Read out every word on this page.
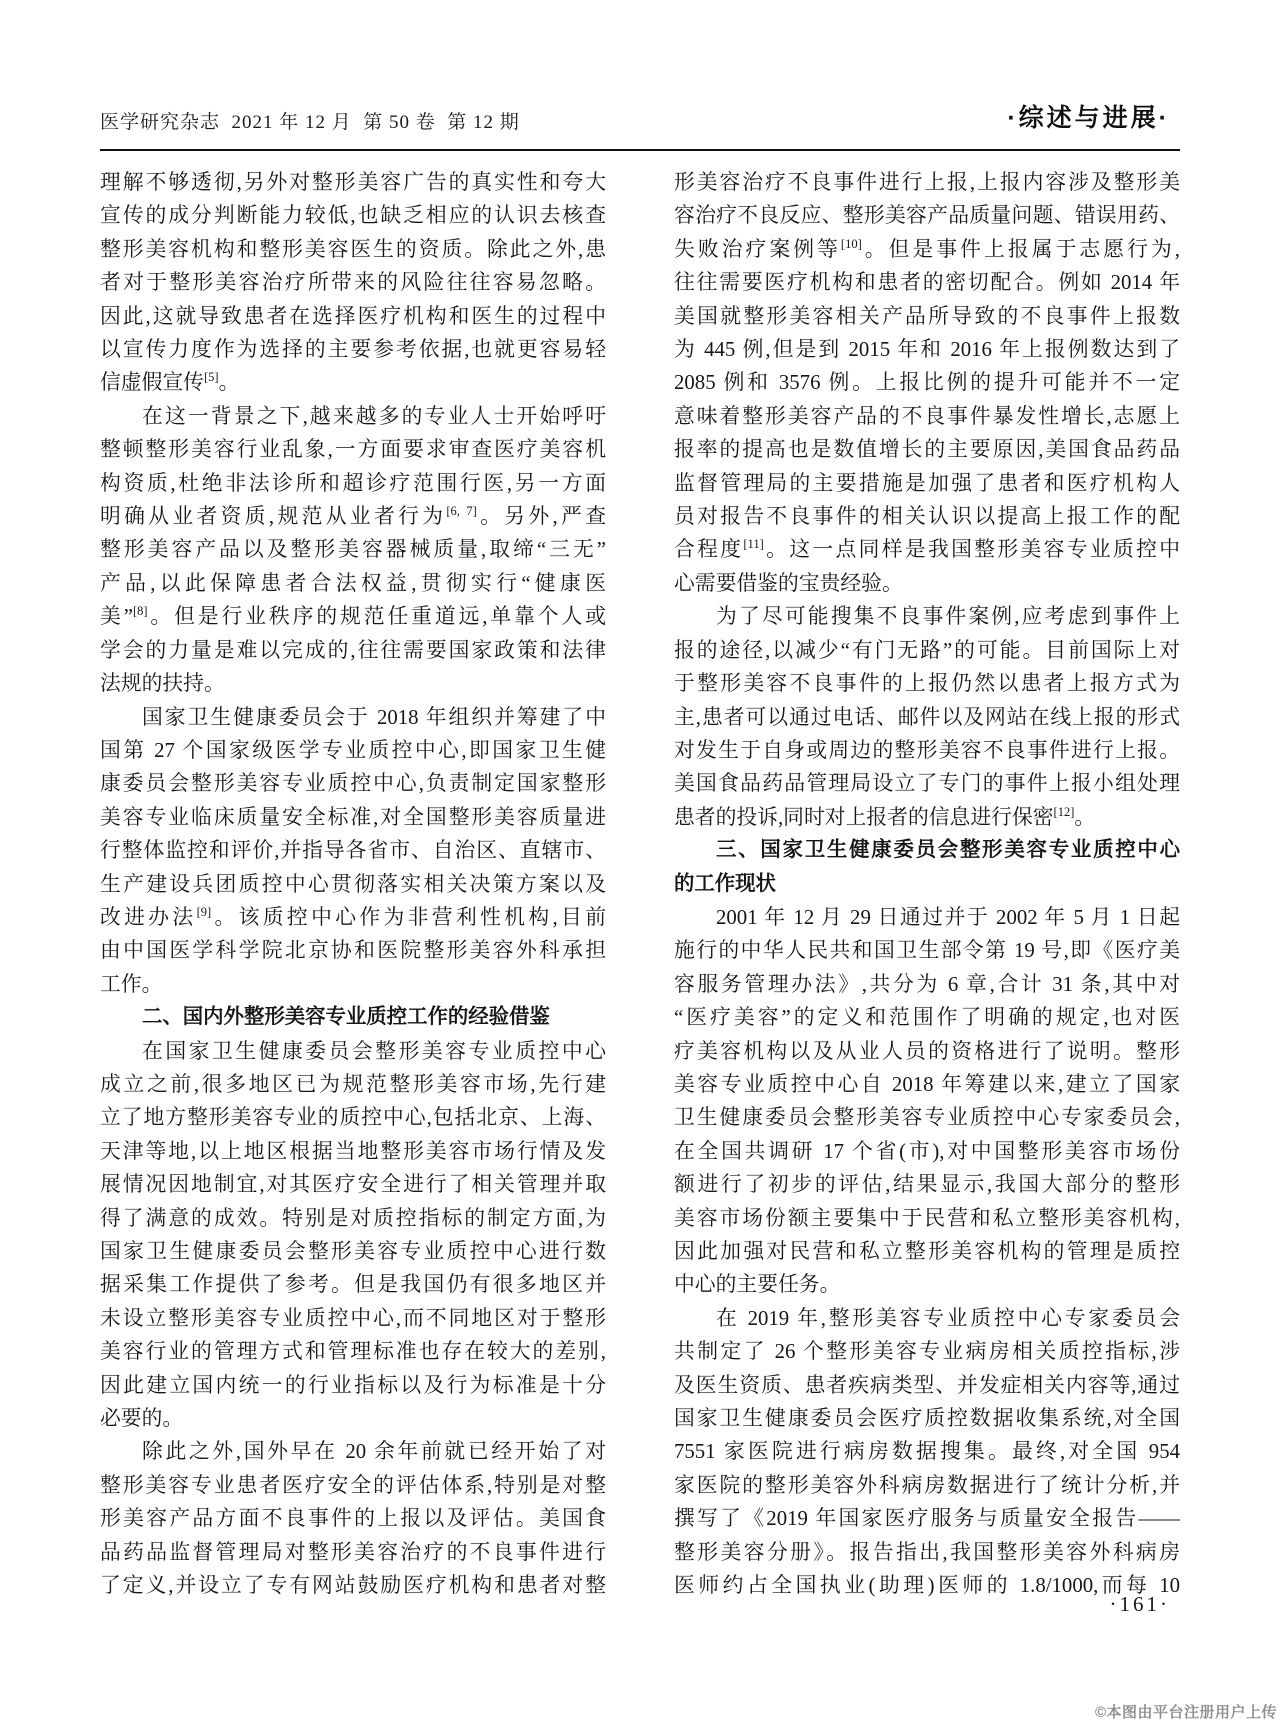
医学研究杂志  2021 年 12 月  第 50 卷  第 12 期	·综述与进展·
理解不够透彻,另外对整形美容广告的真实性和夸大
宣传的成分判断能力较低,也缺乏相应的认识去核查
整形美容机构和整形美容医生的资质。除此之外,患
者对于整形美容治疗所带来的风险往往容易忽略。
因此,这就导致患者在选择医疗机构和医生的过程中
以宣传力度作为选择的主要参考依据,也就更容易轻
信虚假宣传[5]。
在这一背景之下,越来越多的专业人士开始呼吁
整顿整形美容行业乱象,一方面要求审查医疗美容机
构资质,杜绝非法诊所和超诊疗范围行医,另一方面
明确从业者资质,规范从业者行为[6, 7]。另外,严查
整形美容产品以及整形美容器械质量,取缔“三无”
产品,以此保障患者合法权益,贯彻实行“健康医
美”[8]。但是行业秩序的规范任重道远,单靠个人或
学会的力量是难以完成的,往往需要国家政策和法律
法规的扶持。
国家卫生健康委员会于 2018 年组织并筹建了中
国第 27 个国家级医学专业质控中心,即国家卫生健
康委员会整形美容专业质控中心,负责制定国家整形
美容专业临床质量安全标准,对全国整形美容质量进
行整体监控和评价,并指导各省市、自治区、直辖市、
生产建设兵团质控中心贯彻落实相关决策方案以及
改进办法[9]。该质控中心作为非营利性机构,目前
由中国医学科学院北京协和医院整形美容外科承担
工作。
二、国内外整形美容专业质控工作的经验借鉴
在国家卫生健康委员会整形美容专业质控中心
成立之前,很多地区已为规范整形美容市场,先行建
立了地方整形美容专业的质控中心,包括北京、上海、
天津等地,以上地区根据当地整形美容市场行情及发
展情况因地制宜,对其医疗安全进行了相关管理并取
得了满意的成效。特别是对质控指标的制定方面,为
国家卫生健康委员会整形美容专业质控中心进行数
据采集工作提供了参考。但是我国仍有很多地区并
未设立整形美容专业质控中心,而不同地区对于整形
美容行业的管理方式和管理标准也存在较大的差别,
因此建立国内统一的行业指标以及行为标准是十分
必要的。
除此之外,国外早在 20 余年前就已经开始了对
整形美容专业患者医疗安全的评估体系,特别是对整
形美容产品方面不良事件的上报以及评估。美国食
品药品监督管理局对整形美容治疗的不良事件进行
了定义,并设立了专有网站鼓励医疗机构和患者对整
形美容治疗不良事件进行上报,上报内容涉及整形美
容治疗不良反应、整形美容产品质量问题、错误用药、
失败治疗案例等[10]。但是事件上报属于志愿行为,
往往需要医疗机构和患者的密切配合。例如 2014 年
美国就整形美容相关产品所导致的不良事件上报数
为 445 例,但是到 2015 年和 2016 年上报例数达到了
2085 例和 3576 例。上报比例的提升可能并不一定
意味着整形美容产品的不良事件暴发性增长,志愿上
报率的提高也是数值增长的主要原因,美国食品药品
监督管理局的主要措施是加强了患者和医疗机构人
员对报告不良事件的相关认识以提高上报工作的配
合程度[11]。这一点同样是我国整形美容专业质控中
心需要借鉴的宝贵经验。
为了尽可能搜集不良事件案例,应考虑到事件上
报的途径,以减少“有门无路”的可能。目前国际上对
于整形美容不良事件的上报仍然以患者上报方式为
主,患者可以通过电话、邮件以及网站在线上报的形式
对发生于自身或周边的整形美容不良事件进行上报。
美国食品药品管理局设立了专门的事件上报小组处理
患者的投诉,同时对上报者的信息进行保密[12]。
三、国家卫生健康委员会整形美容专业质控中心
的工作现状
2001 年 12 月 29 日通过并于 2002 年 5 月 1 日起
施行的中华人民共和国卫生部令第 19 号,即《医疗美
容服务管理办法》,共分为 6 章,合计 31 条,其中对
“医疗美容”的定义和范围作了明确的规定,也对医
疗美容机构以及从业人员的资格进行了说明。整形
美容专业质控中心自 2018 年筹建以来,建立了国家
卫生健康委员会整形美容专业质控中心专家委员会,
在全国共调研 17 个省(市),对中国整形美容市场份
额进行了初步的评估,结果显示,我国大部分的整形
美容市场份额主要集中于民营和私立整形美容机构,
因此加强对民营和私立整形美容机构的管理是质控
中心的主要任务。
在 2019 年,整形美容专业质控中心专家委员会
共制定了 26 个整形美容专业病房相关质控指标,涉
及医生资质、患者疾病类型、并发症相关内容等,通过
国家卫生健康委员会医疗质控数据收集系统,对全国
7551 家医院进行病房数据搜集。最终,对全国 954
家医院的整形美容外科病房数据进行了统计分析,并
撰写了《2019 年国家医疗服务与质量安全报告——
整形美容分册》。报告指出,我国整形美容外科病房
医师约占全国执业(助理)医师的 1.8/1000,而每 10
·161·
©本图由平台注册用户上传
